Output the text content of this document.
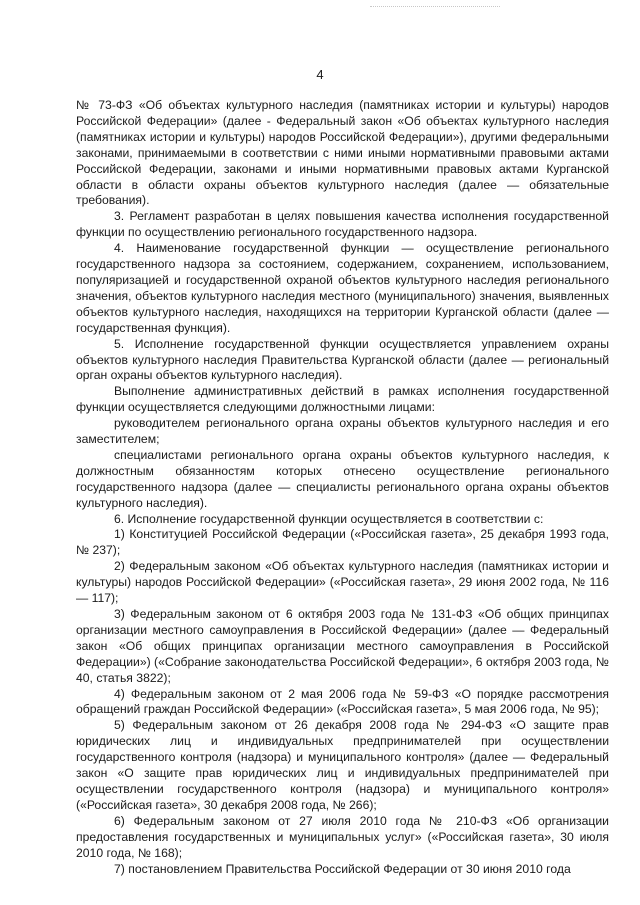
4

№ 73-ФЗ «Об объектах культурного наследия (памятниках истории и культуры) народов Российской Федерации» (далее - Федеральный закон «Об объектах культурного наследия (памятниках истории и культуры) народов Российской Федерации»), другими федеральными законами, принимаемыми в соответствии с ними иными нормативными правовыми актами Российской Федерации, законами и иными нормативными правовых актами Курганской области в области охраны объектов культурного наследия (далее — обязательные требования).

3. Регламент разработан в целях повышения качества исполнения государственной функции по осуществлению регионального государственного надзора.

4. Наименование государственной функции — осуществление регионального государственного надзора за состоянием, содержанием, сохранением, использованием, популяризацией и государственной охраной объектов культурного наследия регионального значения, объектов культурного наследия местного (муниципального) значения, выявленных объектов культурного наследия, находящихся на территории Курганской области (далее — государственная функция).

5. Исполнение государственной функции осуществляется управлением охраны объектов культурного наследия Правительства Курганской области (далее — региональный орган охраны объектов культурного наследия).

Выполнение административных действий в рамках исполнения государственной функции осуществляется следующими должностными лицами:

руководителем регионального органа охраны объектов культурного наследия и его заместителем;

специалистами регионального органа охраны объектов культурного наследия, к должностным обязанностям которых отнесено осуществление регионального государственного надзора (далее — специалисты регионального органа охраны объектов культурного наследия).

6. Исполнение государственной функции осуществляется в соответствии с:

1) Конституцией Российской Федерации («Российская газета», 25 декабря 1993 года, № 237);

2) Федеральным законом «Об объектах культурного наследия (памятниках истории и культуры) народов Российской Федерации» («Российская газета», 29 июня 2002 года, № 116 — 117);

3) Федеральным законом от 6 октября 2003 года № 131-ФЗ «Об общих принципах организации местного самоуправления в Российской Федерации» (далее — Федеральный закон «Об общих принципах организации местного самоуправления в Российской Федерации») («Собрание законодательства Российской Федерации», 6 октября 2003 года, № 40, статья 3822);

4) Федеральным законом от 2 мая 2006 года № 59-ФЗ «О порядке рассмотрения обращений граждан Российской Федерации» («Российская газета», 5 мая 2006 года, № 95);

5) Федеральным законом от 26 декабря 2008 года № 294-ФЗ «О защите прав юридических лиц и индивидуальных предпринимателей при осуществлении государственного контроля (надзора) и муниципального контроля» (далее — Федеральный закон «О защите прав юридических лиц и индивидуальных предпринимателей при осуществлении государственного контроля (надзора) и муниципального контроля» («Российская газета», 30 декабря 2008 года, № 266);

6) Федеральным законом от 27 июля 2010 года № 210-ФЗ «Об организации предоставления государственных и муниципальных услуг» («Российская газета», 30 июля 2010 года, № 168);

7) постановлением Правительства Российской Федерации от 30 июня 2010 года
